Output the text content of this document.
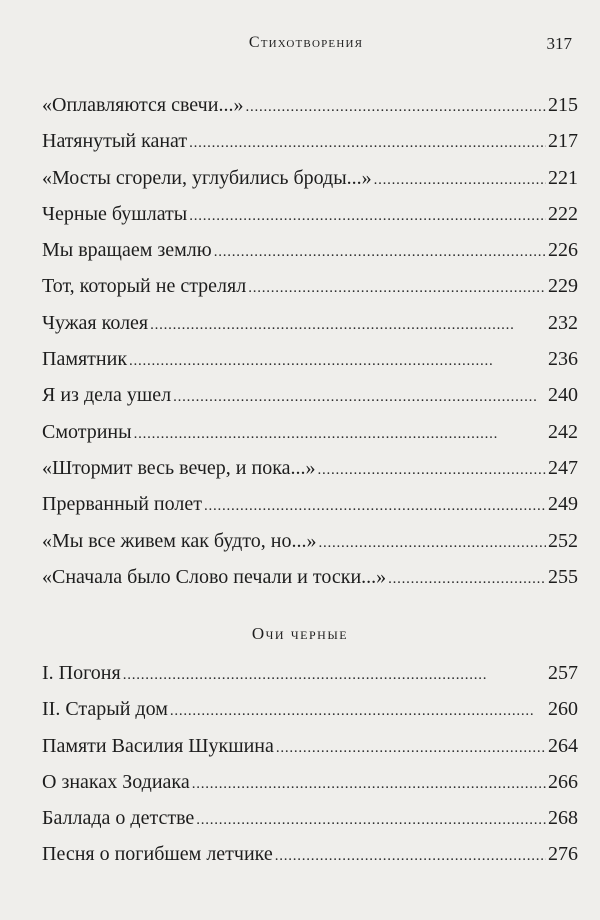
Стихотворения	317
«Оплавляются свечи...» . . .	215
Натянутый канат . . .	217
«Мосты сгорели, углубились броды...» . . .	221
Черные бушлаты . . .	222
Мы вращаем землю . . .	226
Тот, который не стрелял . . .	229
Чужая колея . . .	232
Памятник . . .	236
Я из дела ушел . . .	240
Смотрины . . .	242
«Штормит весь вечер, и пока...» . . .	247
Прерванный полет . . .	249
«Мы все живем как будто, но...» . . .	252
«Сначала было Слово печали и тоски...» . . .	255
Очи черные
I. Погоня . . .	257
II. Старый дом . . .	260
Памяти Василия Шукшина . . .	264
О знаках Зодиака . . .	266
Баллада о детстве . . .	268
Песня о погибшем летчике . . .	276
